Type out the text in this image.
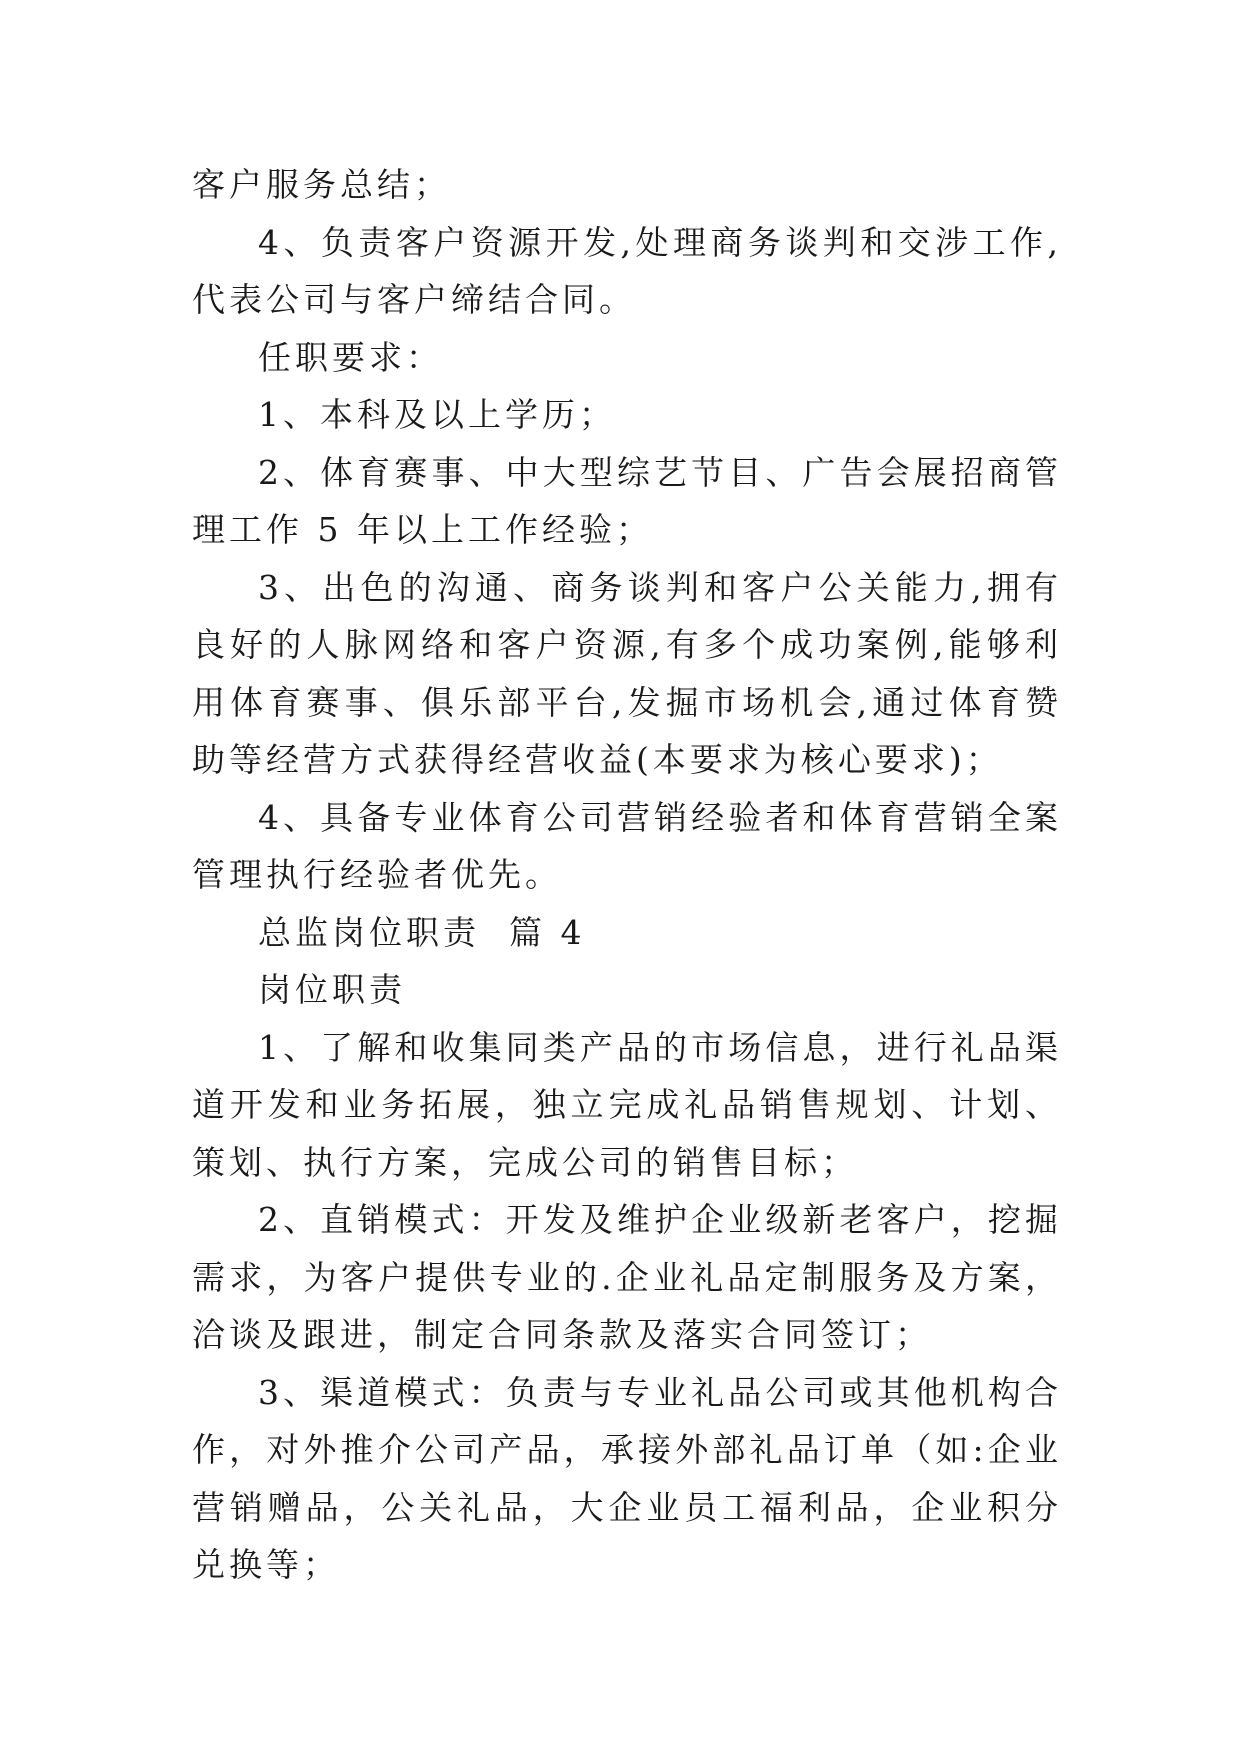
客户服务总结；

4、负责客户资源开发,处理商务谈判和交涉工作,代表公司与客户缔结合同。

任职要求：

1、本科及以上学历；

2、体育赛事、中大型综艺节目、广告会展招商管理工作 5 年以上工作经验；

3、出色的沟通、商务谈判和客户公关能力,拥有良好的人脉网络和客户资源,有多个成功案例,能够利用体育赛事、俱乐部平台,发掘市场机会,通过体育赞助等经营方式获得经营收益(本要求为核心要求)；

4、具备专业体育公司营销经验者和体育营销全案管理执行经验者优先。

总监岗位职责  篇 4

岗位职责

1、了解和收集同类产品的市场信息，进行礼品渠道开发和业务拓展，独立完成礼品销售规划、计划、策划、执行方案，完成公司的销售目标；

2、直销模式：开发及维护企业级新老客户，挖掘需求，为客户提供专业的.企业礼品定制服务及方案，洽谈及跟进，制定合同条款及落实合同签订；

3、渠道模式：负责与专业礼品公司或其他机构合作，对外推介公司产品，承接外部礼品订单（如:企业营销赠品，公关礼品，大企业员工福利品，企业积分兑换等；
